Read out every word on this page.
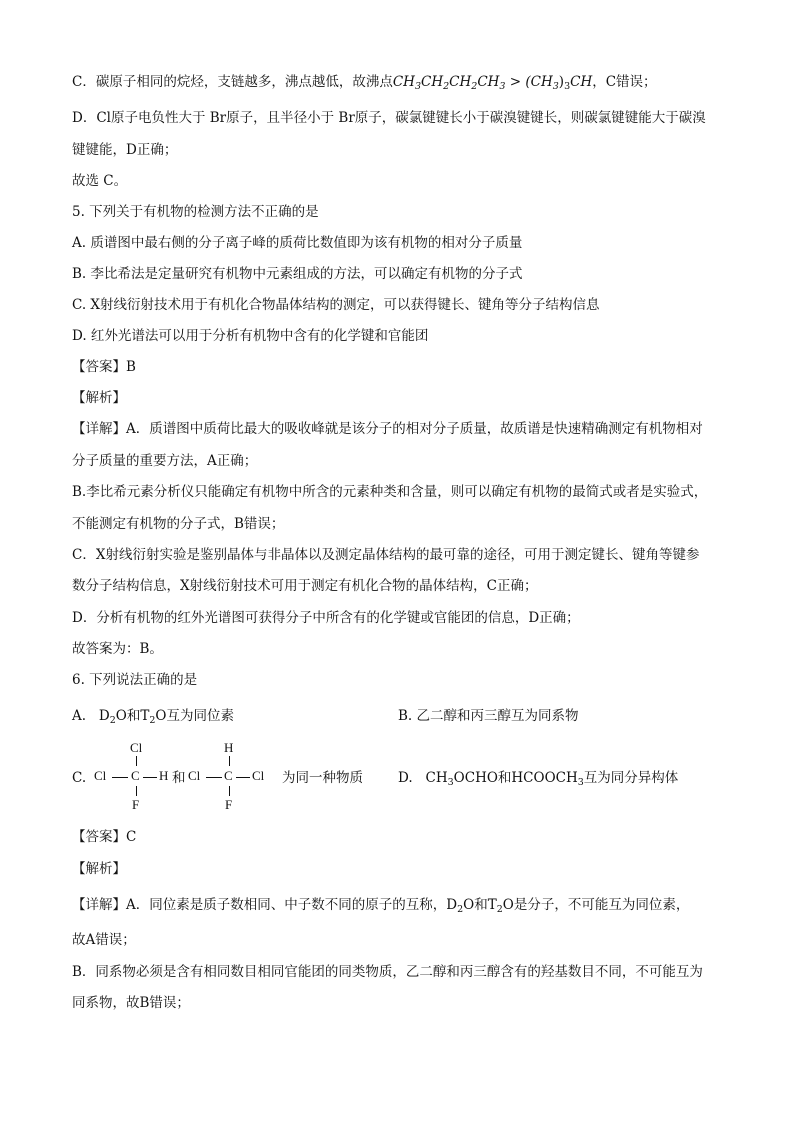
C．碳原子相同的烷烃，支链越多，沸点越低，故沸点$CH_3CH_2CH_2CH_3 > (CH_3)_3CH$，C错误；
D．Cl原子电负性大于 Br原子，且半径小于 Br原子，碳氯键键长小于碳溴键键长，则碳氯键键能大于碳溴
键键能，D正确；
故选 C。
5. 下列关于有机物的检测方法不正确的是
A. 质谱图中最右侧的分子离子峰的质荷比数值即为该有机物的相对分子质量
B. 李比希法是定量研究有机物中元素组成的方法，可以确定有机物的分子式
C. X射线衍射技术用于有机化合物晶体结构的测定，可以获得键长、键角等分子结构信息
D. 红外光谱法可以用于分析有机物中含有的化学键和官能团
【答案】B
【解析】
【详解】A．质谱图中质荷比最大的吸收峰就是该分子的相对分子质量，故质谱是快速精确测定有机物相对
分子质量的重要方法，A正确；
B.李比希元素分析仪只能确定有机物中所含的元素种类和含量，则可以确定有机物的最简式或者是实验式，
不能测定有机物的分子式，B错误；
C．X射线衍射实验是鉴别晶体与非晶体以及测定晶体结构的最可靠的途径，可用于测定键长、键角等键参
数分子结构信息，X射线衍射技术可用于测定有机化合物的晶体结构，C正确；
D．分析有机物的红外光谱图可获得分子中所含有的化学键或官能团的信息，D正确；
故答案为：B。
6. 下列说法正确的是
A. $D_2O$和$T_2O$互为同位素	B. 乙二醇和丙三醇互为同系物
C.
Cl
Cl C H
F
和
H
Cl C Cl
F
为同一种物质	D. $CH_3OCHO$和$HCOOCH_3$互为同分异构体
【答案】C
【解析】
【详解】A．同位素是质子数相同、中子数不同的原子的互称，$D_2O$和$T_2O$是分子，不可能互为同位素，
故A错误；
B．同系物必须是含有相同数目相同官能团的同类物质，乙二醇和丙三醇含有的羟基数目不同，不可能互为
同系物，故B错误；
